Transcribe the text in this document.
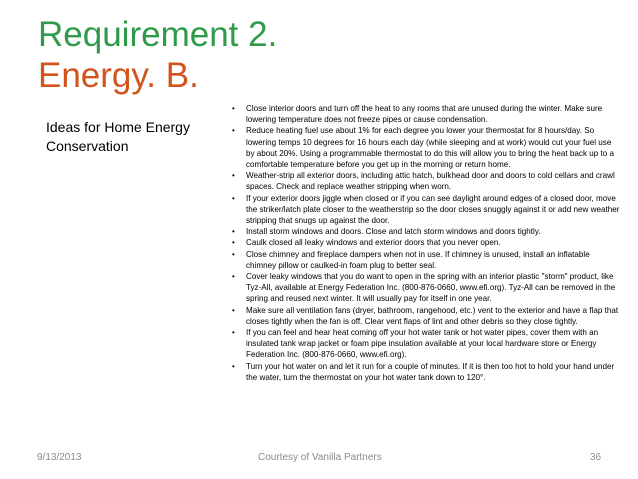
Requirement 2.
Energy. B.

Ideas for Home Energy Conservation

• Close interior doors and turn off the heat to any rooms that are unused during the winter. Make sure lowering temperature does not freeze pipes or cause condensation.
• Reduce heating fuel use about 1% for each degree you lower your thermostat for 8 hours/day. So lowering temps 10 degrees for 16 hours each day (while sleeping and at work) would cut your fuel use by about 20%. Using a programmable thermostat to do this will allow you to bring the heat back up to a comfortable temperature before you get up in the morning or return home.
• Weather-strip all exterior doors, including attic hatch, bulkhead door and doors to cold cellars and crawl spaces. Check and replace weather stripping when worn.
• If your exterior doors jiggle when closed or if you can see daylight around edges of a closed door, move the striker/latch plate closer to the weatherstrip so the door closes snuggly against it or add new weather stripping that snugs up against the door.
• Install storm windows and doors. Close and latch storm windows and doors tightly.
• Caulk closed all leaky windows and exterior doors that you never open.
• Close chimney and fireplace dampers when not in use. If chimney is unused, install an inflatable chimney pillow or caulked-in foam plug to better seal.
• Cover leaky windows that you do want to open in the spring with an interior plastic "storm" product, like Tyz-All, available at Energy Federation Inc. (800-876-0660, www.efi.org). Tyz-All can be removed in the spring and reused next winter. It will usually pay for itself in one year.
• Make sure all ventilation fans (dryer, bathroom, rangehood, etc.) vent to the exterior and have a flap that closes tightly when the fan is off. Clear vent flaps of lint and other debris so they close tightly.
• If you can feel and hear heat coming off your hot water tank or hot water pipes, cover them with an insulated tank wrap jacket or foam pipe insulation available at your local hardware store or Energy Federation Inc. (800-876-0660, www.efi.org).
• Turn your hot water on and let it run for a couple of minutes. If it is then too hot to hold your hand under the water, turn the thermostat on your hot water tank down to 120°.
9/13/2013	Courtesy of Vanilla Partners	36
